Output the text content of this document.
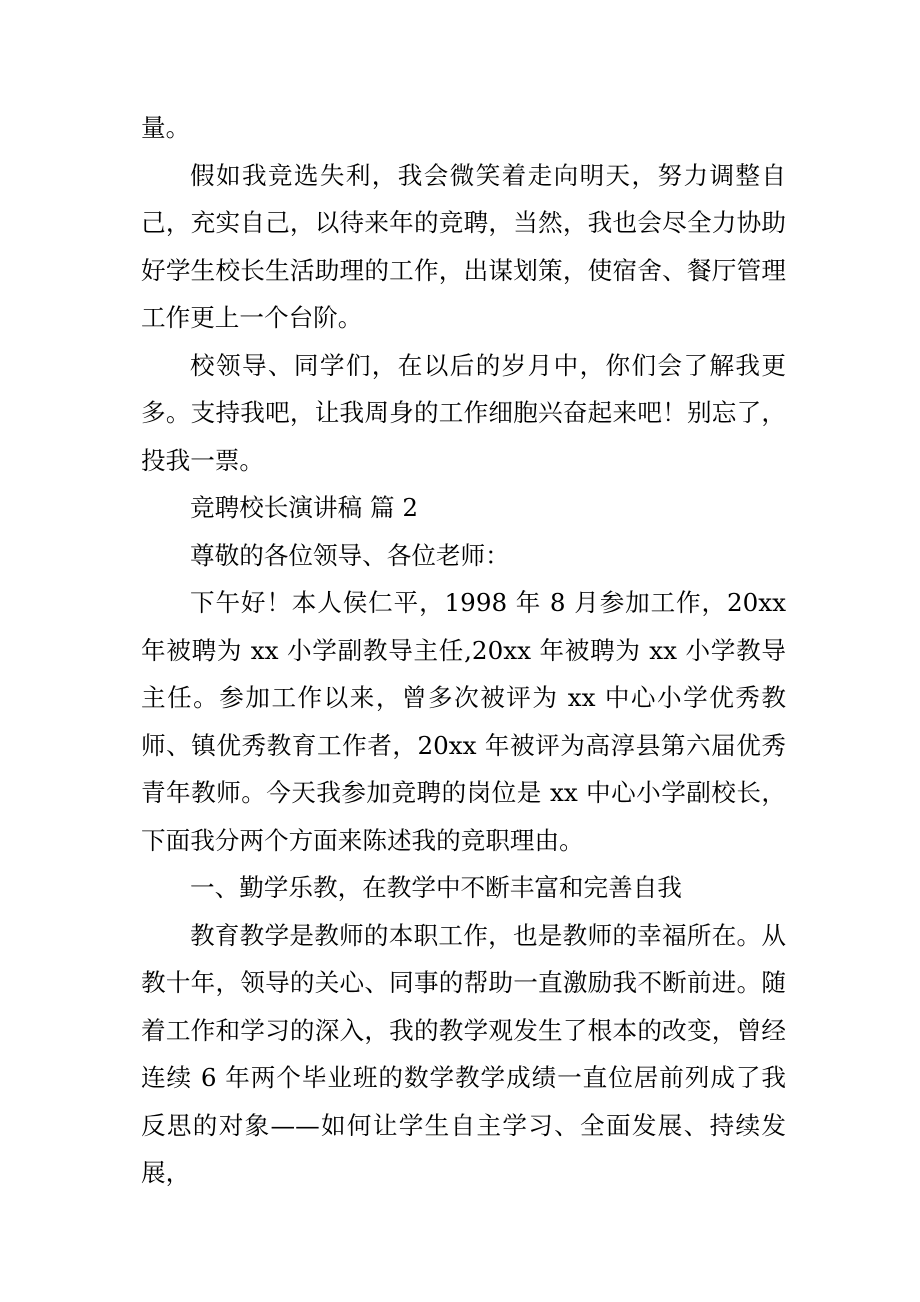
量。

假如我竞选失利，我会微笑着走向明天，努力调整自己，充实自己，以待来年的竞聘，当然，我也会尽全力协助好学生校长生活助理的工作，出谋划策，使宿舍、餐厅管理工作更上一个台阶。

校领导、同学们，在以后的岁月中，你们会了解我更多。支持我吧，让我周身的工作细胞兴奋起来吧！别忘了，投我一票。

竞聘校长演讲稿 篇 2

尊敬的各位领导、各位老师：

下午好！本人侯仁平，1998 年 8 月参加工作，20xx 年被聘为 xx 小学副教导主任,20xx 年被聘为 xx 小学教导主任。参加工作以来，曾多次被评为 xx 中心小学优秀教师、镇优秀教育工作者，20xx 年被评为高淳县第六届优秀青年教师。今天我参加竞聘的岗位是 xx 中心小学副校长，下面我分两个方面来陈述我的竞职理由。

一、勤学乐教，在教学中不断丰富和完善自我

教育教学是教师的本职工作，也是教师的幸福所在。从教十年，领导的关心、同事的帮助一直激励我不断前进。随着工作和学习的深入，我的教学观发生了根本的改变，曾经连续 6 年两个毕业班的数学教学成绩一直位居前列成了我反思的对象——如何让学生自主学习、全面发展、持续发展，
